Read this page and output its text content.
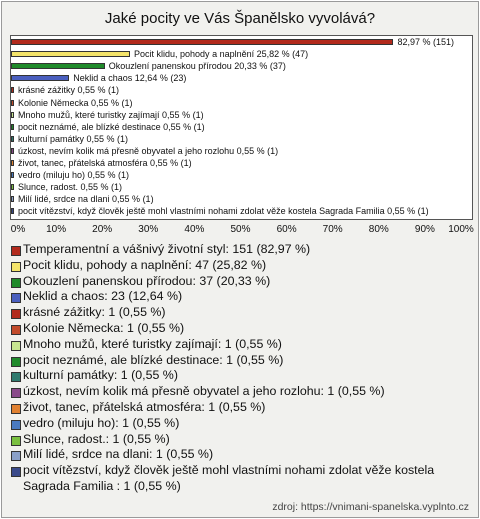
Jaké pocity ve Vás Španělsko vyvolává?
82,97 % (151)
Pocit klidu, pohody a naplnění 25,82 % (47)
Okouzlení panenskou přírodou 20,33 % (37)
Neklid a chaos 12,64 % (23)
krásné zážitky 0,55 % (1)
Kolonie Německa 0,55 % (1)
Mnoho mužů, které turistky zajímají 0,55 % (1)
pocit neznámé, ale blízké destinace 0,55 % (1)
kulturní památky 0,55 % (1)
úzkost, nevím kolik má přesně obyvatel a jeho rozlohu 0,55 % (1)
život, tanec, přátelská atmosféra 0,55 % (1)
vedro (miluju ho) 0,55 % (1)
Slunce, radost. 0,55 % (1)
Milí lidé, srdce na dlani 0,55 % (1)
pocit vítězství, když člověk ještě mohl vlastními nohami zdolat věže kostela Sagrada Familia 0,55 % (1)
0% 10%	20%	30%	40%	50%	60%	70%	80%	90% 100%
Temperamentní a vášnivý životní styl: 151 (82,97 %)
Pocit klidu, pohody a naplnění: 47 (25,82 %)
Okouzlení panenskou přírodou: 37 (20,33 %)
Neklid a chaos: 23 (12,64 %)
krásné zážitky: 1 (0,55 %)
Kolonie Německa: 1 (0,55 %)
Mnoho mužů, které turistky zajímají: 1 (0,55 %)
pocit neznámé, ale blízké destinace: 1 (0,55 %)
kulturní památky: 1 (0,55 %)
úzkost, nevím kolik má přesně obyvatel a jeho rozlohu: 1 (0,55 %)
život, tanec, přátelská atmosféra: 1 (0,55 %)
vedro (miluju ho): 1 (0,55 %)
Slunce, radost.: 1 (0,55 %)
Milí lidé, srdce na dlani: 1 (0,55 %)
pocit vítězství, když člověk ještě mohl vlastními nohami zdolat věže kostela Sagrada Familia : 1 (0,55 %)
zdroj: https://vnimani-spanelska.vyplnto.cz
